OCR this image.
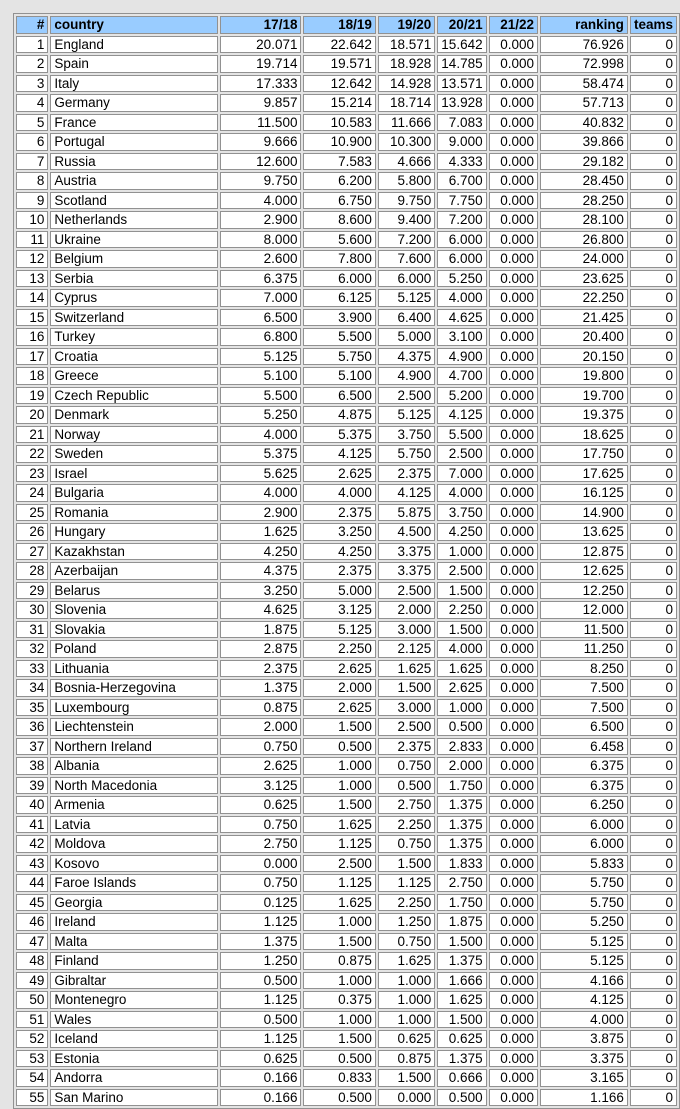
#	country	17/18	18/19	19/20	20/21	21/22	ranking	teams
1	England	20.071	22.642	18.571	15.642	0.000	76.926	0
2	Spain	19.714	19.571	18.928	14.785	0.000	72.998	0
3	Italy	17.333	12.642	14.928	13.571	0.000	58.474	0
4	Germany	9.857	15.214	18.714	13.928	0.000	57.713	0
5	France	11.500	10.583	11.666	7.083	0.000	40.832	0
6	Portugal	9.666	10.900	10.300	9.000	0.000	39.866	0
7	Russia	12.600	7.583	4.666	4.333	0.000	29.182	0
8	Austria	9.750	6.200	5.800	6.700	0.000	28.450	0
9	Scotland	4.000	6.750	9.750	7.750	0.000	28.250	0
10	Netherlands	2.900	8.600	9.400	7.200	0.000	28.100	0
11	Ukraine	8.000	5.600	7.200	6.000	0.000	26.800	0
12	Belgium	2.600	7.800	7.600	6.000	0.000	24.000	0
13	Serbia	6.375	6.000	6.000	5.250	0.000	23.625	0
14	Cyprus	7.000	6.125	5.125	4.000	0.000	22.250	0
15	Switzerland	6.500	3.900	6.400	4.625	0.000	21.425	0
16	Turkey	6.800	5.500	5.000	3.100	0.000	20.400	0
17	Croatia	5.125	5.750	4.375	4.900	0.000	20.150	0
18	Greece	5.100	5.100	4.900	4.700	0.000	19.800	0
19	Czech Republic	5.500	6.500	2.500	5.200	0.000	19.700	0
20	Denmark	5.250	4.875	5.125	4.125	0.000	19.375	0
21	Norway	4.000	5.375	3.750	5.500	0.000	18.625	0
22	Sweden	5.375	4.125	5.750	2.500	0.000	17.750	0
23	Israel	5.625	2.625	2.375	7.000	0.000	17.625	0
24	Bulgaria	4.000	4.000	4.125	4.000	0.000	16.125	0
25	Romania	2.900	2.375	5.875	3.750	0.000	14.900	0
26	Hungary	1.625	3.250	4.500	4.250	0.000	13.625	0
27	Kazakhstan	4.250	4.250	3.375	1.000	0.000	12.875	0
28	Azerbaijan	4.375	2.375	3.375	2.500	0.000	12.625	0
29	Belarus	3.250	5.000	2.500	1.500	0.000	12.250	0
30	Slovenia	4.625	3.125	2.000	2.250	0.000	12.000	0
31	Slovakia	1.875	5.125	3.000	1.500	0.000	11.500	0
32	Poland	2.875	2.250	2.125	4.000	0.000	11.250	0
33	Lithuania	2.375	2.625	1.625	1.625	0.000	8.250	0
34	Bosnia-Herzegovina	1.375	2.000	1.500	2.625	0.000	7.500	0
35	Luxembourg	0.875	2.625	3.000	1.000	0.000	7.500	0
36	Liechtenstein	2.000	1.500	2.500	0.500	0.000	6.500	0
37	Northern Ireland	0.750	0.500	2.375	2.833	0.000	6.458	0
38	Albania	2.625	1.000	0.750	2.000	0.000	6.375	0
39	North Macedonia	3.125	1.000	0.500	1.750	0.000	6.375	0
40	Armenia	0.625	1.500	2.750	1.375	0.000	6.250	0
41	Latvia	0.750	1.625	2.250	1.375	0.000	6.000	0
42	Moldova	2.750	1.125	0.750	1.375	0.000	6.000	0
43	Kosovo	0.000	2.500	1.500	1.833	0.000	5.833	0
44	Faroe Islands	0.750	1.125	1.125	2.750	0.000	5.750	0
45	Georgia	0.125	1.625	2.250	1.750	0.000	5.750	0
46	Ireland	1.125	1.000	1.250	1.875	0.000	5.250	0
47	Malta	1.375	1.500	0.750	1.500	0.000	5.125	0
48	Finland	1.250	0.875	1.625	1.375	0.000	5.125	0
49	Gibraltar	0.500	1.000	1.000	1.666	0.000	4.166	0
50	Montenegro	1.125	0.375	1.000	1.625	0.000	4.125	0
51	Wales	0.500	1.000	1.000	1.500	0.000	4.000	0
52	Iceland	1.125	1.500	0.625	0.625	0.000	3.875	0
53	Estonia	0.625	0.500	0.875	1.375	0.000	3.375	0
54	Andorra	0.166	0.833	1.500	0.666	0.000	3.165	0
55	San Marino	0.166	0.500	0.000	0.500	0.000	1.166	0
